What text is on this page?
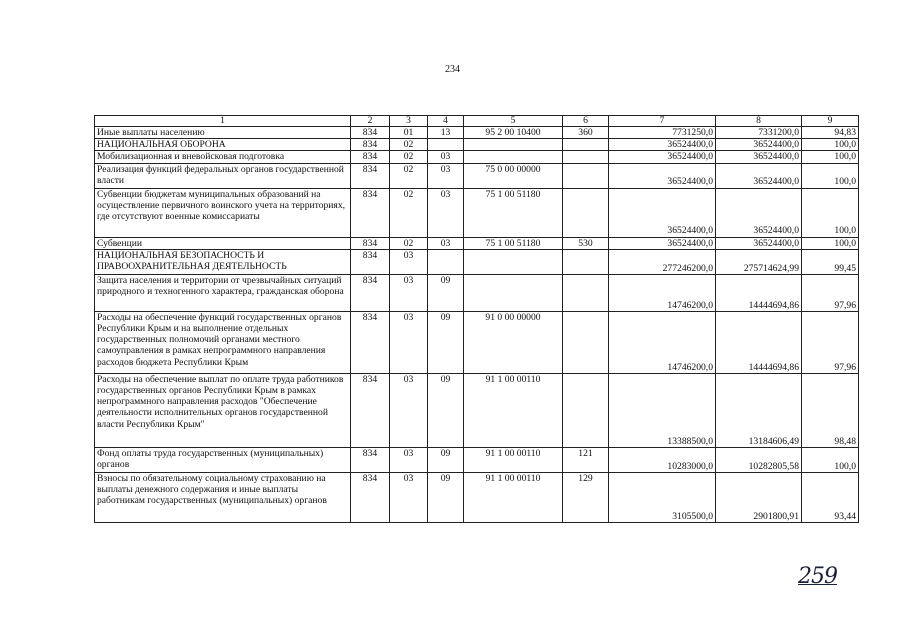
234
1	2	3	4	5	6	7	8	9
Иные выплаты населению	834	01	13	95 2 00 10400	360	7731250,0	7331200,0	94,83
НАЦИОНАЛЬНАЯ ОБОРОНА	834	02				36524400,0	36524400,0	100,0
Мобилизационная и вневойсковая подготовка	834	02	03			36524400,0	36524400,0	100,0
Реализация функций федеральных органов государственной власти	834	02	03	75 0 00 00000		36524400,0	36524400,0	100,0
Субвенции бюджетам муниципальных образований на осуществление первичного воинского учета на территориях, где отсутствуют военные комиссариаты	834	02	03	75 1 00 51180		36524400,0	36524400,0	100,0
Субвенции	834	02	03	75 1 00 51180	530	36524400,0	36524400,0	100,0
НАЦИОНАЛЬНАЯ БЕЗОПАСНОСТЬ И ПРАВООХРАНИТЕЛЬНАЯ ДЕЯТЕЛЬНОСТЬ	834	03				277246200,0	275714624,99	99,45
Защита населения и территории от чрезвычайных ситуаций природного и техногенного характера, гражданская оборона	834	03	09			14746200,0	14444694,86	97,96
Расходы на обеспечение функций государственных органов Республики Крым и на выполнение отдельных государственных полномочий органами местного самоуправления в рамках непрограммного направления расходов бюджета Республики Крым	834	03	09	91 0 00 00000		14746200,0	14444694,86	97,96
Расходы на обеспечение выплат по оплате труда работников государственных органов Республики Крым в рамках непрограммного направления расходов "Обеспечение деятельности исполнительных органов государственной власти Республики Крым"	834	03	09	91 1 00 00110		13388500,0	13184606,49	98,48
Фонд оплаты труда государственных (муниципальных) органов	834	03	09	91 1 00 00110	121	10283000,0	10282805,58	100,0
Взносы по обязательному социальному страхованию на выплаты денежного содержания и иные выплаты работникам государственных (муниципальных) органов	834	03	09	91 1 00 00110	129	3105500,0	2901800,91	93,44
259
